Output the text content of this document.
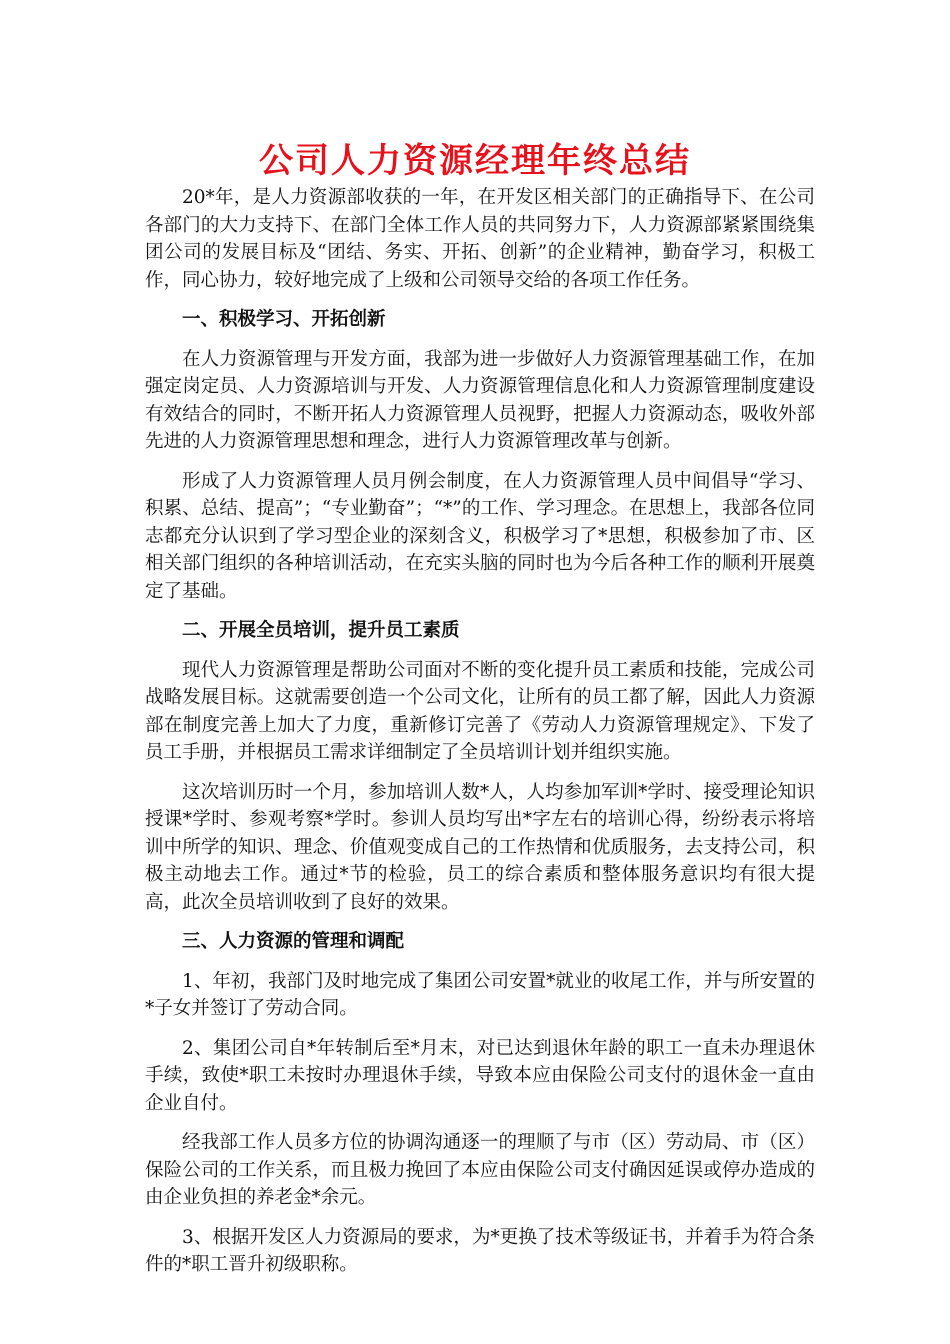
公司人力资源经理年终总结

20*年，是人力资源部收获的一年，在开发区相关部门的正确指导下、在公司各部门的大力支持下、在部门全体工作人员的共同努力下，人力资源部紧紧围绕集团公司的发展目标及“团结、务实、开拓、创新”的企业精神，勤奋学习，积极工作，同心协力，较好地完成了上级和公司领导交给的各项工作任务。

一、积极学习、开拓创新

在人力资源管理与开发方面，我部为进一步做好人力资源管理基础工作，在加强定岗定员、人力资源培训与开发、人力资源管理信息化和人力资源管理制度建设有效结合的同时，不断开拓人力资源管理人员视野，把握人力资源动态，吸收外部先进的人力资源管理思想和理念，进行人力资源管理改革与创新。

形成了人力资源管理人员月例会制度，在人力资源管理人员中间倡导“学习、积累、总结、提高”；“专业勤奋”；“*”的工作、学习理念。在思想上，我部各位同志都充分认识到了学习型企业的深刻含义，积极学习了*思想，积极参加了市、区相关部门组织的各种培训活动，在充实头脑的同时也为今后各种工作的顺利开展奠定了基础。

二、开展全员培训，提升员工素质

现代人力资源管理是帮助公司面对不断的变化提升员工素质和技能，完成公司战略发展目标。这就需要创造一个公司文化，让所有的员工都了解，因此人力资源部在制度完善上加大了力度，重新修订完善了《劳动人力资源管理规定》、下发了员工手册，并根据员工需求详细制定了全员培训计划并组织实施。

这次培训历时一个月，参加培训人数*人，人均参加军训*学时、接受理论知识授课*学时、参观考察*学时。参训人员均写出*字左右的培训心得，纷纷表示将培训中所学的知识、理念、价值观变成自己的工作热情和优质服务，去支持公司，积极主动地去工作。通过*节的检验，员工的综合素质和整体服务意识均有很大提高，此次全员培训收到了良好的效果。

三、人力资源的管理和调配

1、年初，我部门及时地完成了集团公司安置*就业的收尾工作，并与所安置的*子女并签订了劳动合同。

2、集团公司自*年转制后至*月末，对已达到退休年龄的职工一直未办理退休手续，致使*职工未按时办理退休手续，导致本应由保险公司支付的退休金一直由企业自付。

经我部工作人员多方位的协调沟通逐一的理顺了与市（区）劳动局、市（区）保险公司的工作关系，而且极力挽回了本应由保险公司支付确因延误或停办造成的由企业负担的养老金*余元。

3、根据开发区人力资源局的要求，为*更换了技术等级证书，并着手为符合条件的*职工晋升初级职称。
